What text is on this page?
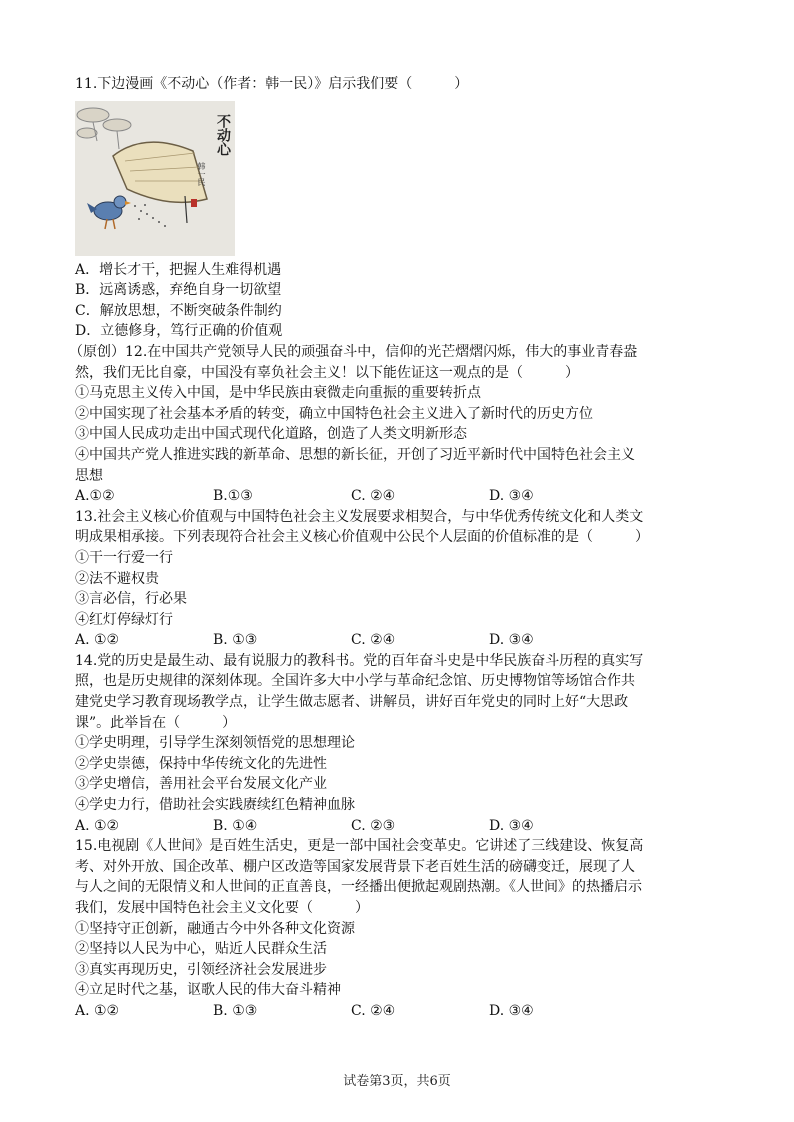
11.下边漫画《不动心（作者：韩一民）》启示我们要（　　　）
不动心
韩一民
A．增长才干，把握人生难得机遇
B．远离诱惑，弃绝自身一切欲望
C．解放思想，不断突破条件制约
D．立德修身，笃行正确的价值观
（原创）12.在中国共产党领导人民的顽强奋斗中，信仰的光芒熠熠闪烁，伟大的事业青春盎
然，我们无比自豪，中国没有辜负社会主义！以下能佐证这一观点的是（　　　）
①马克思主义传入中国，是中华民族由衰微走向重振的重要转折点
②中国实现了社会基本矛盾的转变，确立中国特色社会主义进入了新时代的历史方位
③中国人民成功走出中国式现代化道路，创造了人类文明新形态
④中国共产党人推进实践的新革命、思想的新长征，开创了习近平新时代中国特色社会主义
思想
A.①②	B.①③	C. ②④	D. ③④
13.社会主义核心价值观与中国特色社会主义发展要求相契合，与中华优秀传统文化和人类文
明成果相承接。下列表现符合社会主义核心价值观中公民个人层面的价值标准的是（　　　）
①干一行爱一行
②法不避权贵
③言必信，行必果
④红灯停绿灯行
A. ①②	B. ①③	C. ②④	D. ③④
14.党的历史是最生动、最有说服力的教科书。党的百年奋斗史是中华民族奋斗历程的真实写
照，也是历史规律的深刻体现。全国许多大中小学与革命纪念馆、历史博物馆等场馆合作共
建党史学习教育现场教学点，让学生做志愿者、讲解员，讲好百年党史的同时上好“大思政
课”。此举旨在（　　　）
①学史明理，引导学生深刻领悟党的思想理论
②学史崇德，保持中华传统文化的先进性
③学史增信，善用社会平台发展文化产业
④学史力行，借助社会实践赓续红色精神血脉
A. ①②	B. ①④	C. ②③	D. ③④
15.电视剧《人世间》是百姓生活史，更是一部中国社会变革史。它讲述了三线建设、恢复高
考、对外开放、国企改革、棚户区改造等国家发展背景下老百姓生活的磅礴变迁，展现了人
与人之间的无限情义和人世间的正直善良，一经播出便掀起观剧热潮。《人世间》的热播启示
我们，发展中国特色社会主义文化要（　　　）
①坚持守正创新，融通古今中外各种文化资源
②坚持以人民为中心，贴近人民群众生活
③真实再现历史，引领经济社会发展进步
④立足时代之基，讴歌人民的伟大奋斗精神
A. ①②	B. ①③	C. ②④	D. ③④
试卷第3页，共6页
